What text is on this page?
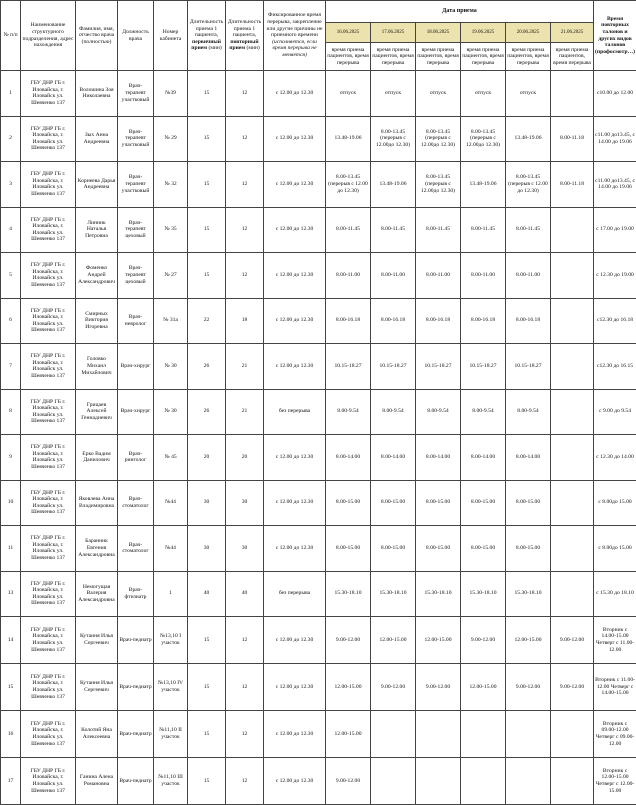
№ п/п	Наименование структурного подразделения, адрес нахождения	Фамилия, имя, отчество врача (полностью)	Должность врача	Номер кабинета	Длительность приема 1 пациента, первичный прием (мин)	Длительность приема 1 пациента, повторный прием (мин)	Фиксированное время перерыва, закрепление или другие причины не приемного времени (исполняется, если время перерыва не меняется)	Дата приема						Время повторных талонов и других видов талонов (профосмотр…)
								16.06.2025	17.06.2025	18.06.2025	19.06.2025	20.06.2025	21.06.2025	
								время приема пациентов, время перерыва	время приема пациентов, время перерыва	время приема пациентов, время перерыва	время приема пациентов, время перерыва	время приема пациентов, время перерыва	время приема пациентов, время перерыва	
1	ГБУ ДНР ГБ г. Иловайска, г. Иловайск ул. Шевченко 137	Волошина Зоя Николаевна	Врач-терапевт участковый	№39	15	12	с 12.00 до 12.30	отпуск	отпуск	отпуск	отпуск	отпуск		с10.00 до 12.00
2	ГБУ ДНР ГБ г. Иловайска, г. Иловайск ул. Шевченко 137	Зых Анна Андреевна	Врач-терапевт участковый	№ 29	15	12	с 12.00 до 12.30	13.48-19.06	8.00-13.45 (перерыв с 12.00до 12.30)	8.00-13.45 (перерыв с 12.00до 12.30)	8.00-13.45 (перерыв с 12.00до 12.30)	13.48-19.06	8.00-11.18	с11.00 до13.45, с 14.00 до 19.06
3	ГБУ ДНР ГБ г. Иловайска, г. Иловайск ул. Шевченко 137	Корнеева Дарья Андреевна	Врач-терапевт участковый	№ 32	15	12	с 12.00 до 12.30	8.00-13.45 (перерыв с 12.00 до 12.30)	13.48-19.06	8.00-13.45 (перерыв с 12.00до 12.30)	13.48-19.06	8.00-13.45 (перерыв с 12.00 до 12.30)	8.00-11.18	с11.00 до13.45, с 14.00 до 19.06
4	ГБУ ДНР ГБ г. Иловайска, г. Иловайск ул. Шевченко 137	Линник Наталья Петровна	Врач-терапевт цеховый	№ 35	15	12	с 12.00 до 12.30	8.00-11.45	8.00-11.45	8.00-11.45	8.00-11.45	8.00-11.45		с 17.00 до 19.00
5	ГБУ ДНР ГБ г. Иловайска, г. Иловайск ул. Шевченко 137	Фоменко Андрей Александрович	Врач-терапевт цеховый	№ 27	15	12	с 12.00 до 12.30	8.00-11.00	8.00-11.00	8.00-11.00	8.00-11.00	8.00-11.00		с 12.30 до 19.00
6	ГБУ ДНР ГБ г. Иловайска, г. Иловайск ул. Шевченко 137	Смирных Виктория Игоревна	Врач-невролог	№ 31а	22	18	с 12.00 до 12.30	8.00-16.18	8.00-16.18	8.00-16.18	8.00-16.18	8.00-16.18		с12.30 до 16.18
7	ГБУ ДНР ГБ г. Иловайска, г. Иловайск ул. Шевченко 137	Головко Михаил Михайлович	Врач-хирург	№ 30	26	21	с 12.00 до 12.30	10.15-18.27	10.15-18.27	10.15-18.27	10.15-18.27	10.15-18.27		с12.30 до 16.15
8	ГБУ ДНР ГБ г. Иловайска, г. Иловайск ул. Шевченко 137	Грицаев Алексей Геннадиевич	Врач-хирург	№ 30	26	21	без перерыва	8.00-9.54	8.00-9.54	8.00-9.54	8.00-9.54	8.00-9.54		с 9.00 до 9.54
9	ГБУ ДНР ГБ г. Иловайска, г. Иловайск ул. Шевченко 137	Ерко Вадим Данилович	Врач-ринголог	№ 45	20	20	с 12.00 до 12.30	8.00-14.00	8.00-14.00	8.00-14.00	8.00-14.00	8.00-14.00		с 12.30 до 14.00
10	ГБУ ДНР ГБ г. Иловайска, г. Иловайск ул. Шевченко 137	Яковлева Анна Владимировна	Врач-стоматолог	№44	30	30	с 12.00 до 12.30	8.00-15.00	8.00-15.00	8.00-15.00	8.00-15.00	8.00-15.00		с 8.00до 15.00
11	ГБУ ДНР ГБ г. Иловайска, г. Иловайск ул. Шевченко 137	Баранник Евгения Александровна	Врач-стоматолог	№44	30	30	с 12.00 до 12.30	8.00-15.00	8.00-15.00	8.00-15.00	8.00-15.00	8.00-15.00		с 8.00до 15.00
13	ГБУ ДНР ГБ г. Иловайска, г. Иловайск ул. Шевченко 137	Немогущая Валерия Александровна	Врач-фтизиатр	1	40	40	без перерыва	15.30-18.10	15.30-18.10	15.30-18.10	15.30-18.10	15.30-18.10		с 15.30 до 18.10
14	ГБУ ДНР ГБ г. Иловайска, г. Иловайск ул. Шевченко 137	Кутаиня Илья Сергеевич	Врач-педиатр	№13,10 I участок	15	12	с 12.00 до 12.30	9.00-12.00	12.00-15.00	12.00-15.00	9.00-12.00	12.00-15.00	9.00-12.00	Вторник с 14.00-15.00 Четверг с 11.00-12.00
15	ГБУ ДНР ГБ г. Иловайска, г. Иловайск ул. Шевченко 137	Кутаиня Илья Сергеевич	Врач-педиатр	№13,10 IV участок	15	12	с 12.00 до 12.30	12.00-15.00	9.00-12.00	9.00-12.00	12.00-15.00	9.00-12.00	9.00-12.00	Вторник с 11.00-12.00 Четверг с 14.00-15.00
16	ГБУ ДНР ГБ г. Иловайска, г. Иловайск ул. Шевченко 137	Колотий Яна Алексеевна	Врач-педиатр	№11,10 II участок	15	12	с 12.00 до 12.30	12.00-15.00						Вторник с 09.00-12.00 Четверг с 09.00-12.00
17	ГБУ ДНР ГБ г. Иловайска, г. Иловайск ул. Шевченко 137	Ганина Алена Романовна	Врач-педиатр	№11,10 III участок	15	12	с 12.00 до 12.30	9.00-12.00						Вторник с 12.00-15.00 Четверг с 12.00-15.00
